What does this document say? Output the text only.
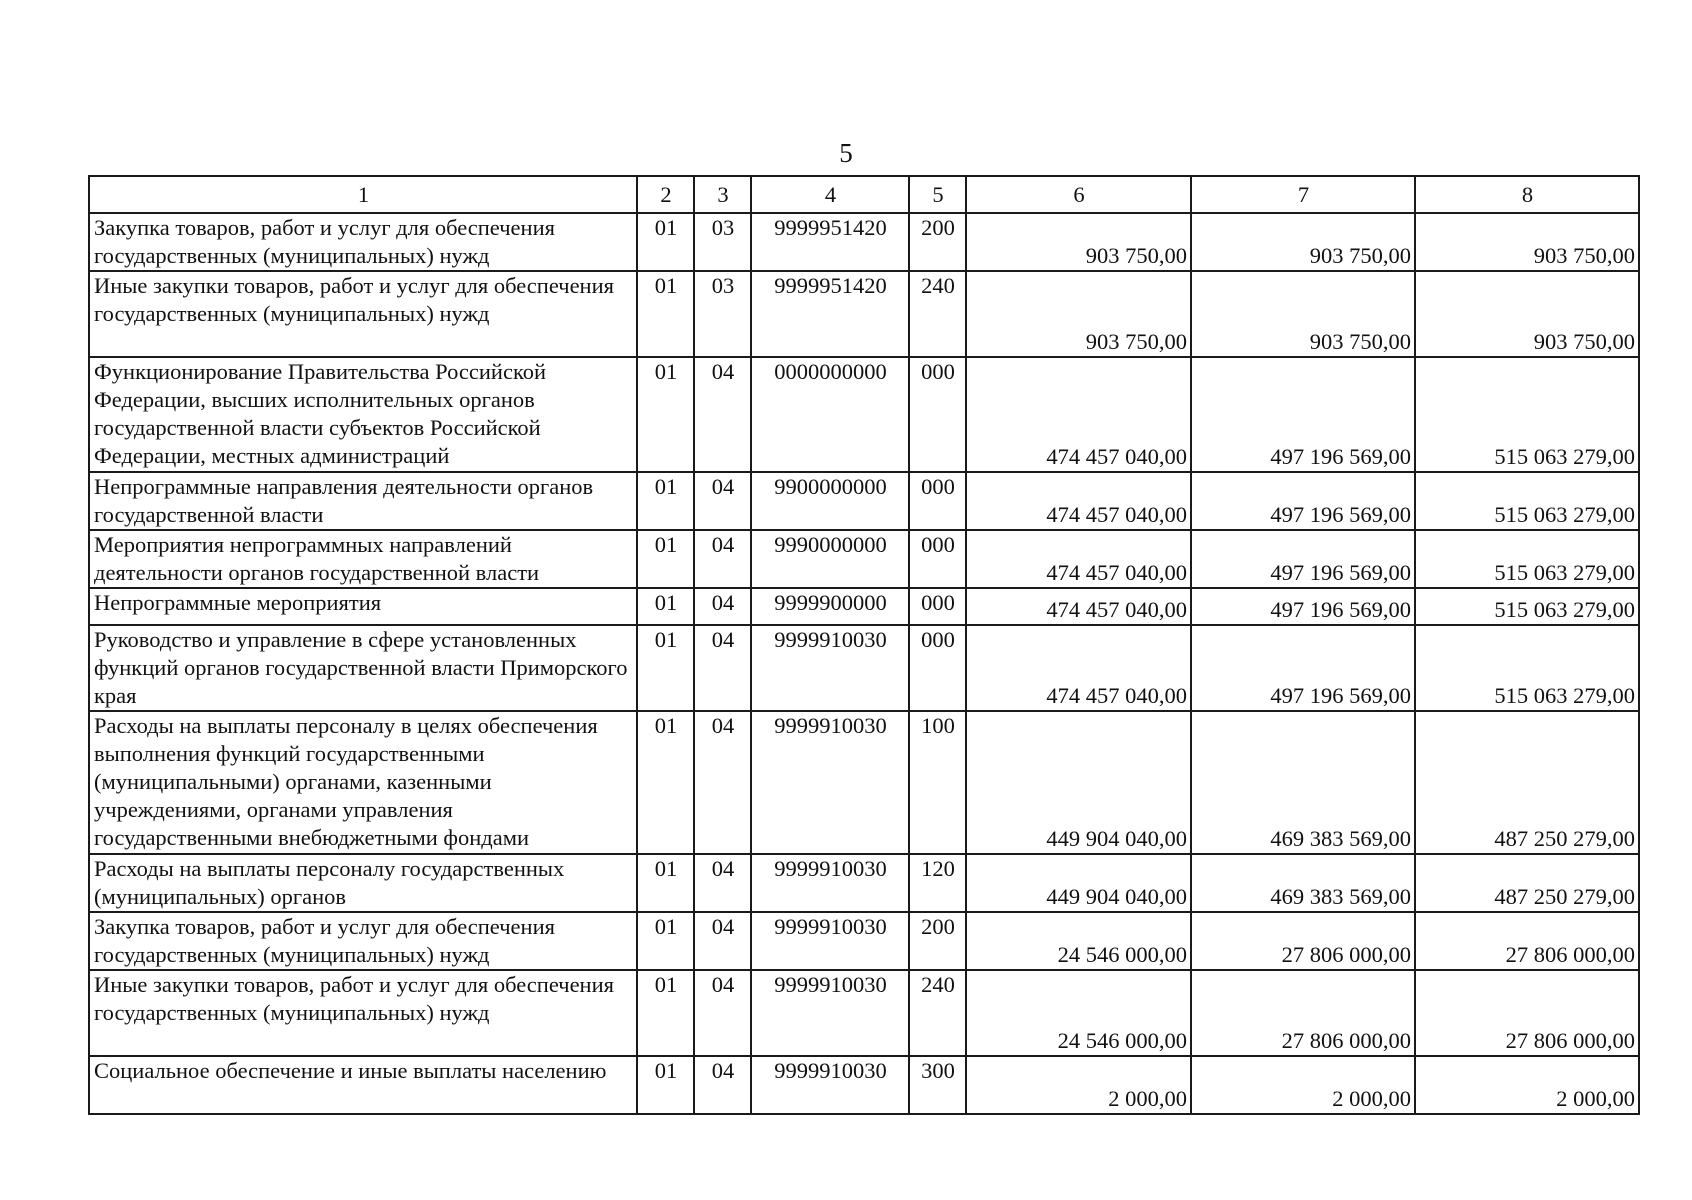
5
1	2	3	4	5	6	7	8
Закупка товаров, работ и услуг для обеспечения государственных (муниципальных) нужд	01	03	9999951420	200	903 750,00	903 750,00	903 750,00
Иные закупки товаров, работ и услуг для обеспечения государственных (муниципальных) нужд	01	03	9999951420	240	903 750,00	903 750,00	903 750,00
Функционирование Правительства Российской Федерации, высших исполнительных органов государственной власти субъектов Российской Федерации, местных администраций	01	04	0000000000	000	474 457 040,00	497 196 569,00	515 063 279,00
Непрограммные направления деятельности органов государственной власти	01	04	9900000000	000	474 457 040,00	497 196 569,00	515 063 279,00
Мероприятия непрограммных направлений деятельности органов государственной власти	01	04	9990000000	000	474 457 040,00	497 196 569,00	515 063 279,00
Непрограммные мероприятия	01	04	9999900000	000	474 457 040,00	497 196 569,00	515 063 279,00
Руководство и управление в сфере установленных функций органов государственной власти Приморского края	01	04	9999910030	000	474 457 040,00	497 196 569,00	515 063 279,00
Расходы на выплаты персоналу в целях обеспечения выполнения функций государственными (муниципальными) органами, казенными учреждениями, органами управления государственными внебюджетными фондами	01	04	9999910030	100	449 904 040,00	469 383 569,00	487 250 279,00
Расходы на выплаты персоналу государственных (муниципальных) органов	01	04	9999910030	120	449 904 040,00	469 383 569,00	487 250 279,00
Закупка товаров, работ и услуг для обеспечения государственных (муниципальных) нужд	01	04	9999910030	200	24 546 000,00	27 806 000,00	27 806 000,00
Иные закупки товаров, работ и услуг для обеспечения государственных (муниципальных) нужд	01	04	9999910030	240	24 546 000,00	27 806 000,00	27 806 000,00
Социальное обеспечение и иные выплаты населению	01	04	9999910030	300	2 000,00	2 000,00	2 000,00
